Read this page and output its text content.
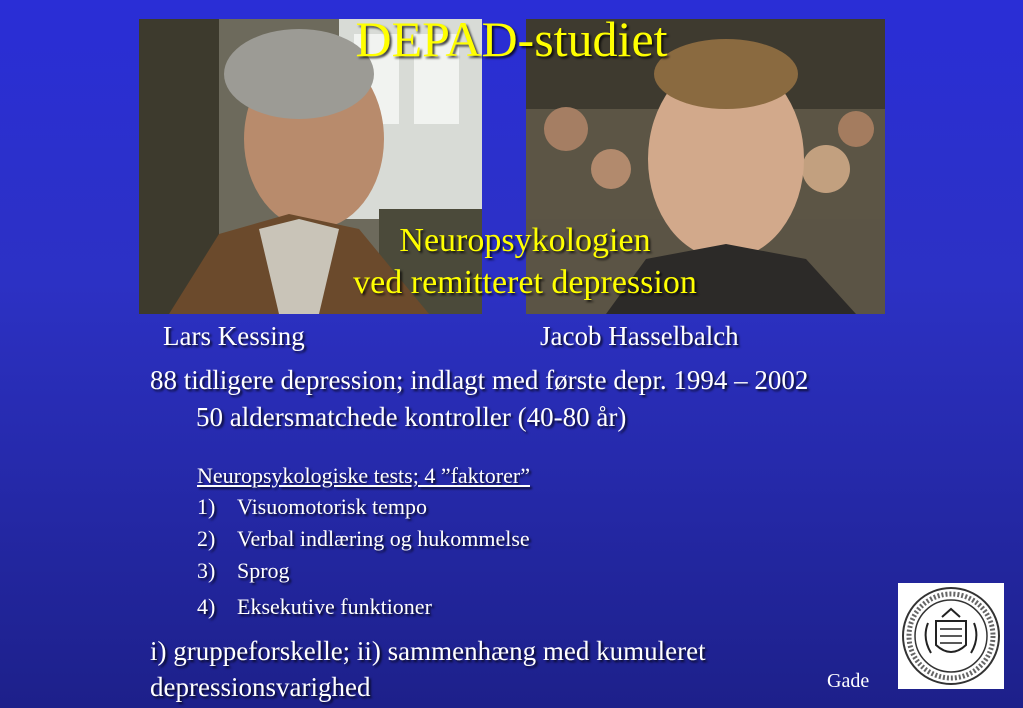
DEPAD-studiet
Neuropsykologien
ved remitteret depression
Lars Kessing	Jacob Hasselbalch
88 tidligere depression; indlagt med første depr. 1994 – 2002
50 aldersmatchede kontroller (40-80 år)
Neuropsykologiske tests; 4 ”faktorer”
1) Visuomotorisk tempo
2) Verbal indlæring og hukommelse
3) Sprog
4) Eksekutive funktioner
i) gruppeforskelle; ii) sammenhæng med kumuleret
depressionsvarighed	Gade
